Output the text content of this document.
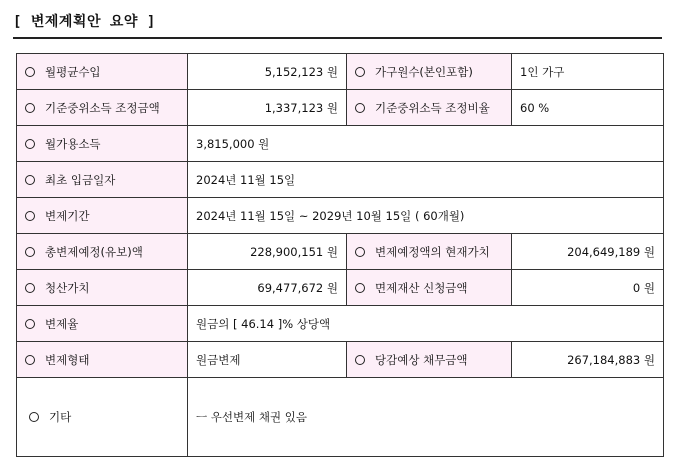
[ 변제계획안 요약 ]
월평균수입	5,152,123 원	가구원수(본인포함)	1인 가구
기준중위소득 조정금액	1,337,123 원	기준중위소득 조정비율	60 %
월가용소득	3,815,000 원		
최초 입금일자	2024년 11월 15일		
변제기간	2024년 11월 15일 ~ 2029년 10월 15일 ( 60개월)		
총변제예정(유보)액	228,900,151 원	변제예정액의 현재가치	204,649,189 원
청산가치	69,477,672 원	면제재산 신청금액	0 원
변제율	원금의 [ 46.14 ]% 상당액		
변제형태	원금변제	당감예상 채무금액	267,184,883 원
기타	ㅡ 우선변제 채권 있음		
